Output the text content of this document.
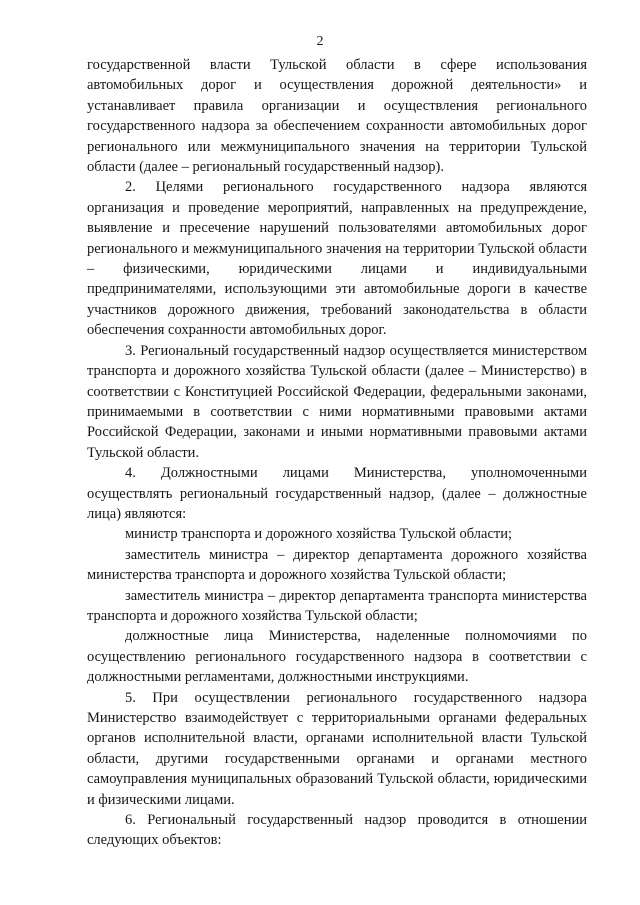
2

государственной власти Тульской области в сфере использования автомобильных дорог и осуществления дорожной деятельности» и устанавливает правила организации и осуществления регионального государственного надзора за обеспечением сохранности автомобильных дорог регионального или межмуниципального значения на территории Тульской области (далее – региональный государственный надзор).

2. Целями регионального государственного надзора являются организация и проведение мероприятий, направленных на предупреждение, выявление и пресечение нарушений пользователями автомобильных дорог регионального и межмуниципального значения на территории Тульской области – физическими, юридическими лицами и индивидуальными предпринимателями, использующими эти автомобильные дороги в качестве участников дорожного движения, требований законодательства в области обеспечения сохранности автомобильных дорог.

3. Региональный государственный надзор осуществляется министерством транспорта и дорожного хозяйства Тульской области (далее – Министерство) в соответствии с Конституцией Российской Федерации, федеральными законами, принимаемыми в соответствии с ними нормативными правовыми актами Российской Федерации, законами и иными нормативными правовыми актами Тульской области.

4. Должностными лицами Министерства, уполномоченными осуществлять региональный государственный надзор, (далее – должностные лица) являются:

министр транспорта и дорожного хозяйства Тульской области;

заместитель министра – директор департамента дорожного хозяйства министерства транспорта и дорожного хозяйства Тульской области;

заместитель министра – директор департамента транспорта министерства транспорта и дорожного хозяйства Тульской области;

должностные лица Министерства, наделенные полномочиями по осуществлению регионального государственного надзора в соответствии с должностными регламентами, должностными инструкциями.

5. При осуществлении регионального государственного надзора Министерство взаимодействует с территориальными органами федеральных органов исполнительной власти, органами исполнительной власти Тульской области, другими государственными органами и органами местного самоуправления муниципальных образований Тульской области, юридическими и физическими лицами.

6. Региональный государственный надзор проводится в отношении следующих объектов:
